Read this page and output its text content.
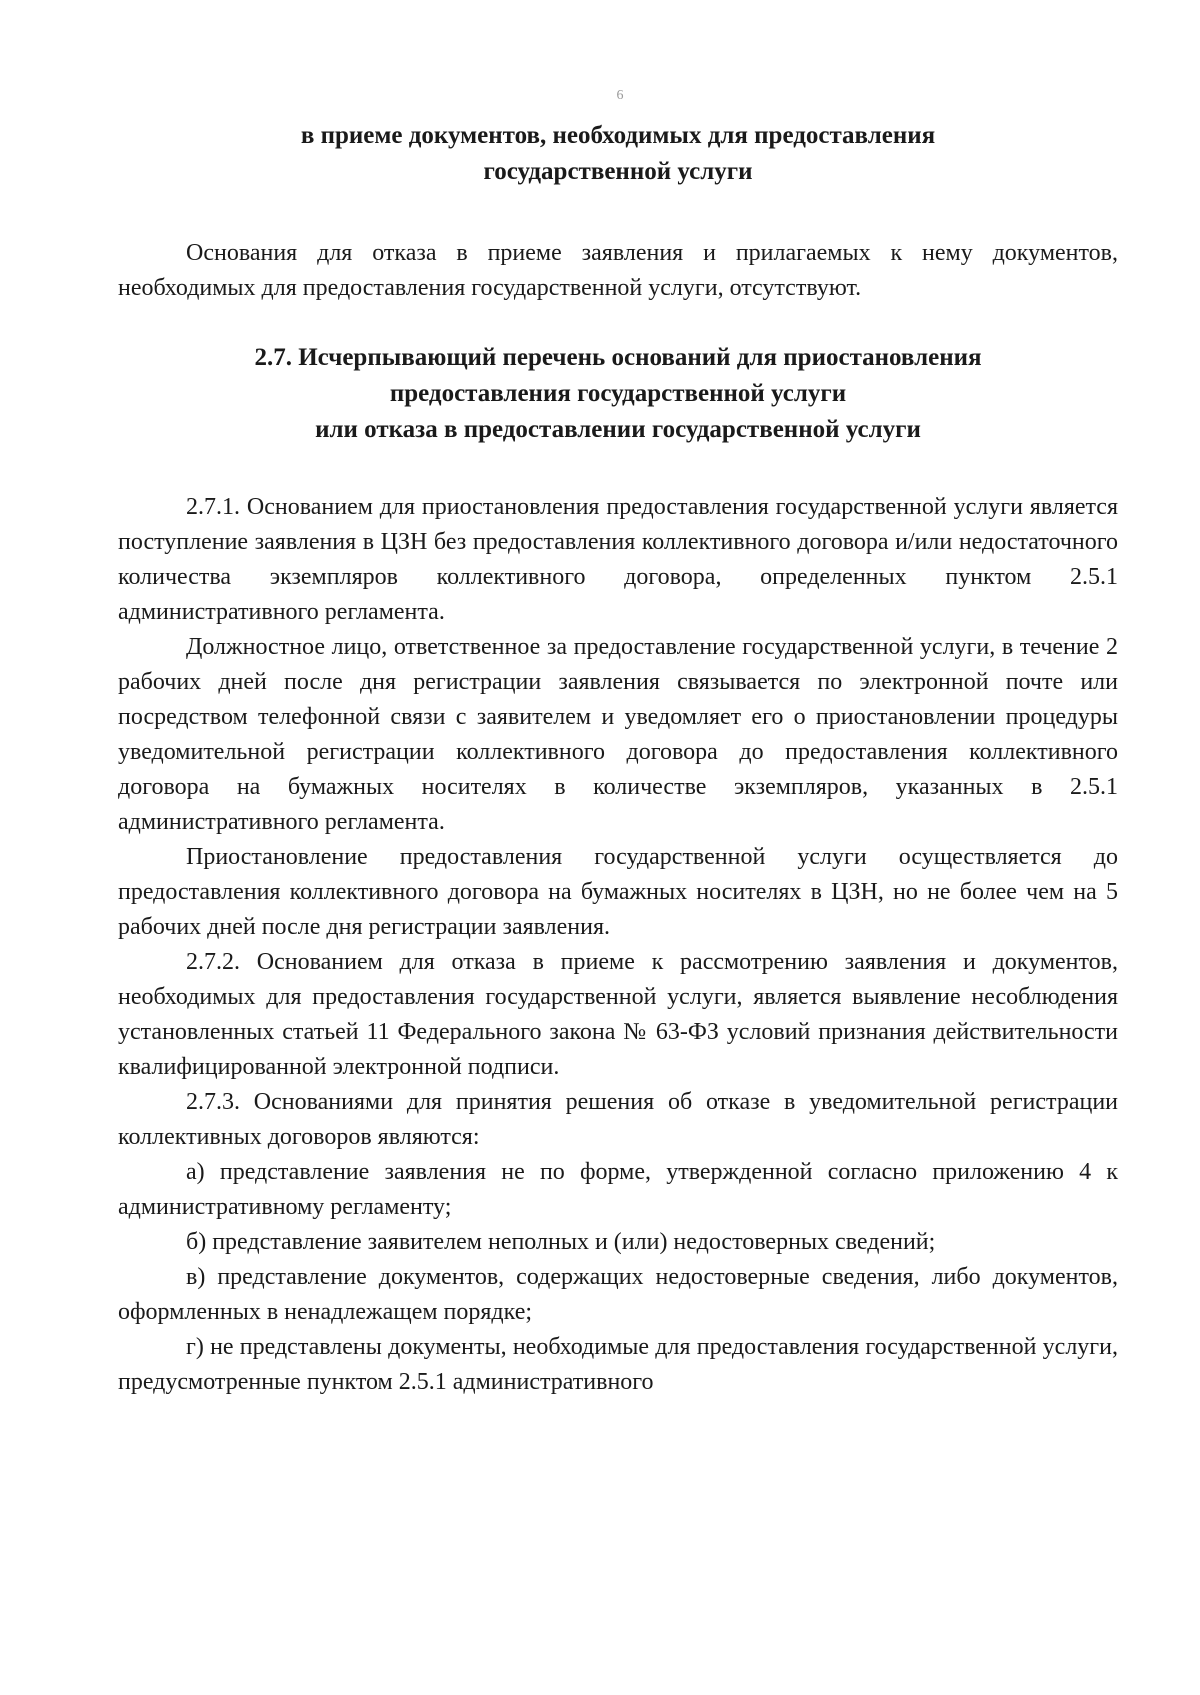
6
в приеме документов, необходимых для предоставления
государственной услуги

Основания для отказа в приеме заявления и прилагаемых к нему документов, необходимых для предоставления государственной услуги, отсутствуют.

2.7. Исчерпывающий перечень оснований для приостановления
предоставления государственной услуги
или отказа в предоставлении государственной услуги

2.7.1. Основанием для приостановления предоставления государственной услуги является поступление заявления в ЦЗН без предоставления коллективного договора и/или недостаточного количества экземпляров коллективного договора, определенных пунктом 2.5.1 административного регламента.

Должностное лицо, ответственное за предоставление государственной услуги, в течение 2 рабочих дней после дня регистрации заявления связывается по электронной почте или посредством телефонной связи с заявителем и уведомляет его о приостановлении процедуры уведомительной регистрации коллективного договора до предоставления коллективного договора на бумажных носителях в количестве экземпляров, указанных в 2.5.1 административного регламента.

Приостановление предоставления государственной услуги осуществляется до предоставления коллективного договора на бумажных носителях в ЦЗН, но не более чем на 5 рабочих дней после дня регистрации заявления.

2.7.2. Основанием для отказа в приеме к рассмотрению заявления и документов, необходимых для предоставления государственной услуги, является выявление несоблюдения установленных статьей 11 Федерального закона № 63-ФЗ условий признания действительности квалифицированной электронной подписи.

2.7.3. Основаниями для принятия решения об отказе в уведомительной регистрации коллективных договоров являются:

а) представление заявления не по форме, утвержденной согласно приложению 4 к административному регламенту;

б) представление заявителем неполных и (или) недостоверных сведений;

в) представление документов, содержащих недостоверные сведения, либо документов, оформленных в ненадлежащем порядке;

г) не представлены документы, необходимые для предоставления государственной услуги, предусмотренные пунктом 2.5.1 административного
